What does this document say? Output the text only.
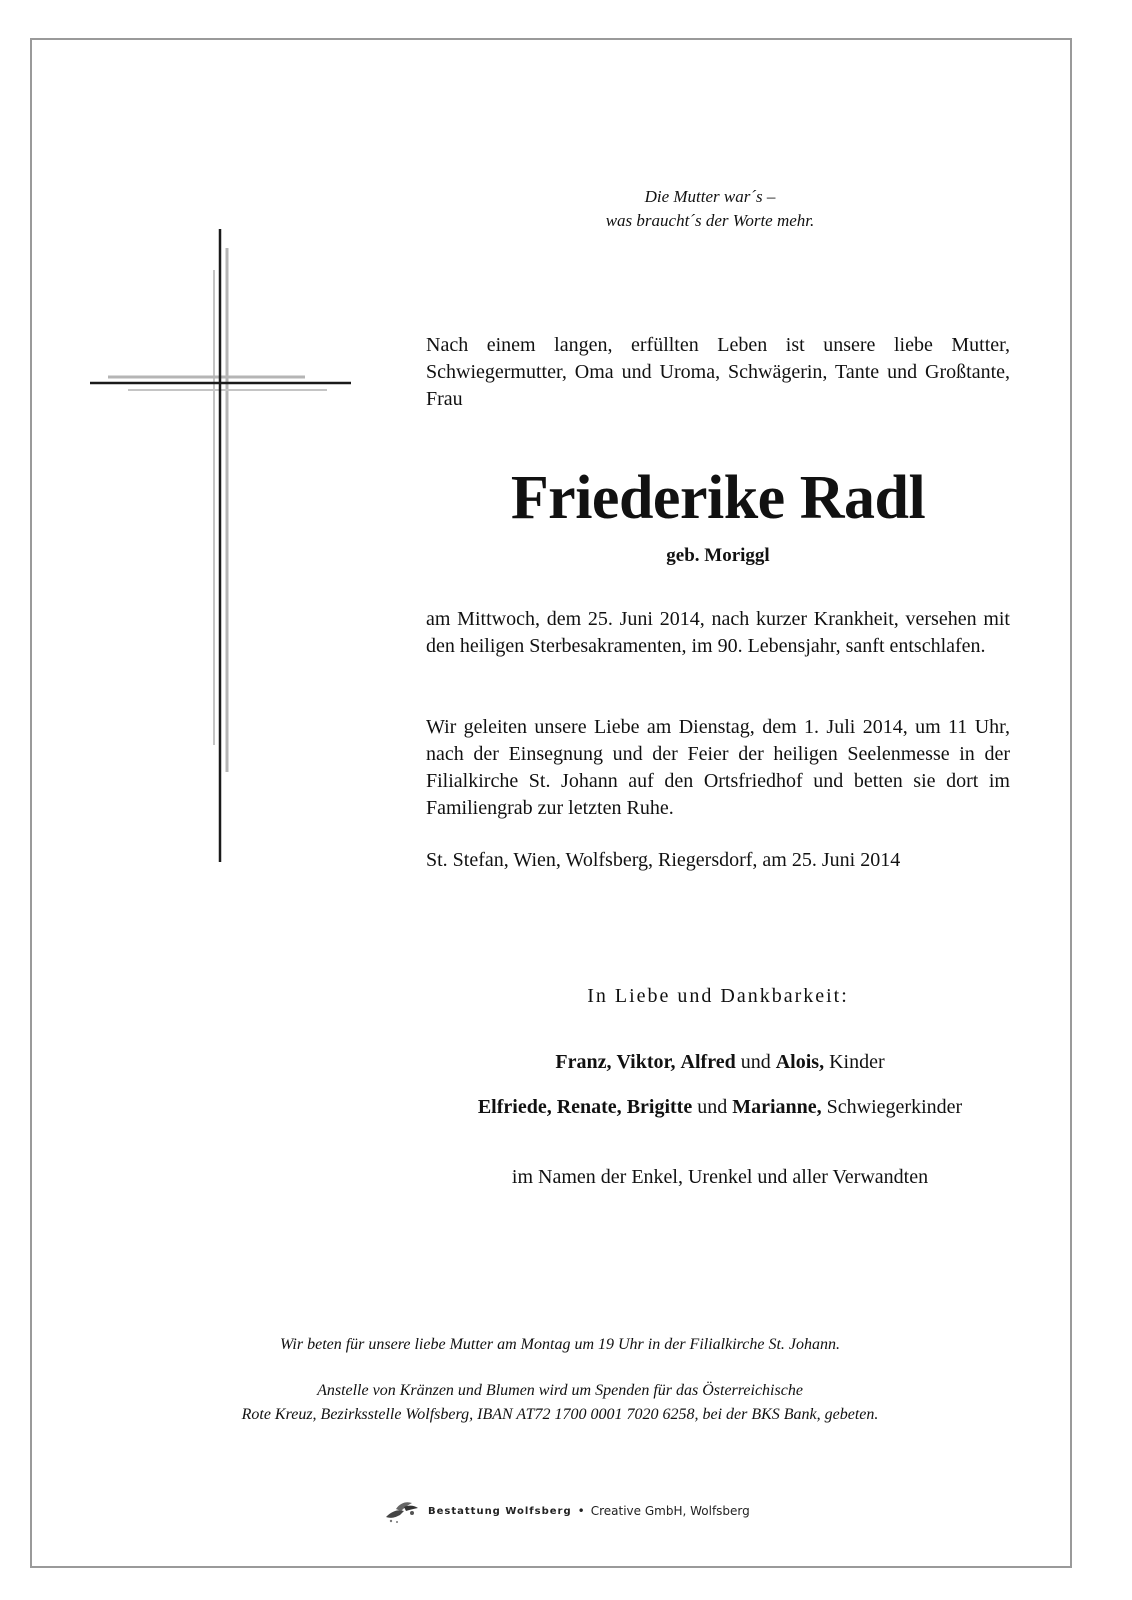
Die Mutter war´s –
was braucht´s der Worte mehr.
Nach einem langen, erfüllten Leben ist unsere liebe Mutter, Schwiegermutter, Oma und Uroma, Schwägerin, Tante und Großtante, Frau
Friederike Radl
geb. Moriggl
am Mittwoch, dem 25. Juni 2014, nach kurzer Krankheit, versehen mit den heiligen Sterbesakramenten, im 90. Lebensjahr, sanft entschlafen.
Wir geleiten unsere Liebe am Dienstag, dem 1. Juli 2014, um 11 Uhr, nach der Einsegnung und der Feier der heiligen Seelenmesse in der Filialkirche St. Johann auf den Ortsfriedhof und betten sie dort im Familiengrab zur letzten Ruhe.
St. Stefan, Wien, Wolfsberg, Riegersdorf, am 25. Juni 2014
In Liebe und Dankbarkeit:
Franz, Viktor, Alfred und Alois, Kinder
Elfriede, Renate, Brigitte und Marianne, Schwiegerkinder
im Namen der Enkel, Urenkel und aller Verwandten
Wir beten für unsere liebe Mutter am Montag um 19 Uhr in der Filialkirche St. Johann.
Anstelle von Kränzen und Blumen wird um Spenden für das Österreichische
Rote Kreuz, Bezirksstelle Wolfsberg, IBAN AT72 1700 0001 7020 6258, bei der BKS Bank, gebeten.
Bestattung Wolfsberg • Creative GmbH, Wolfsberg
